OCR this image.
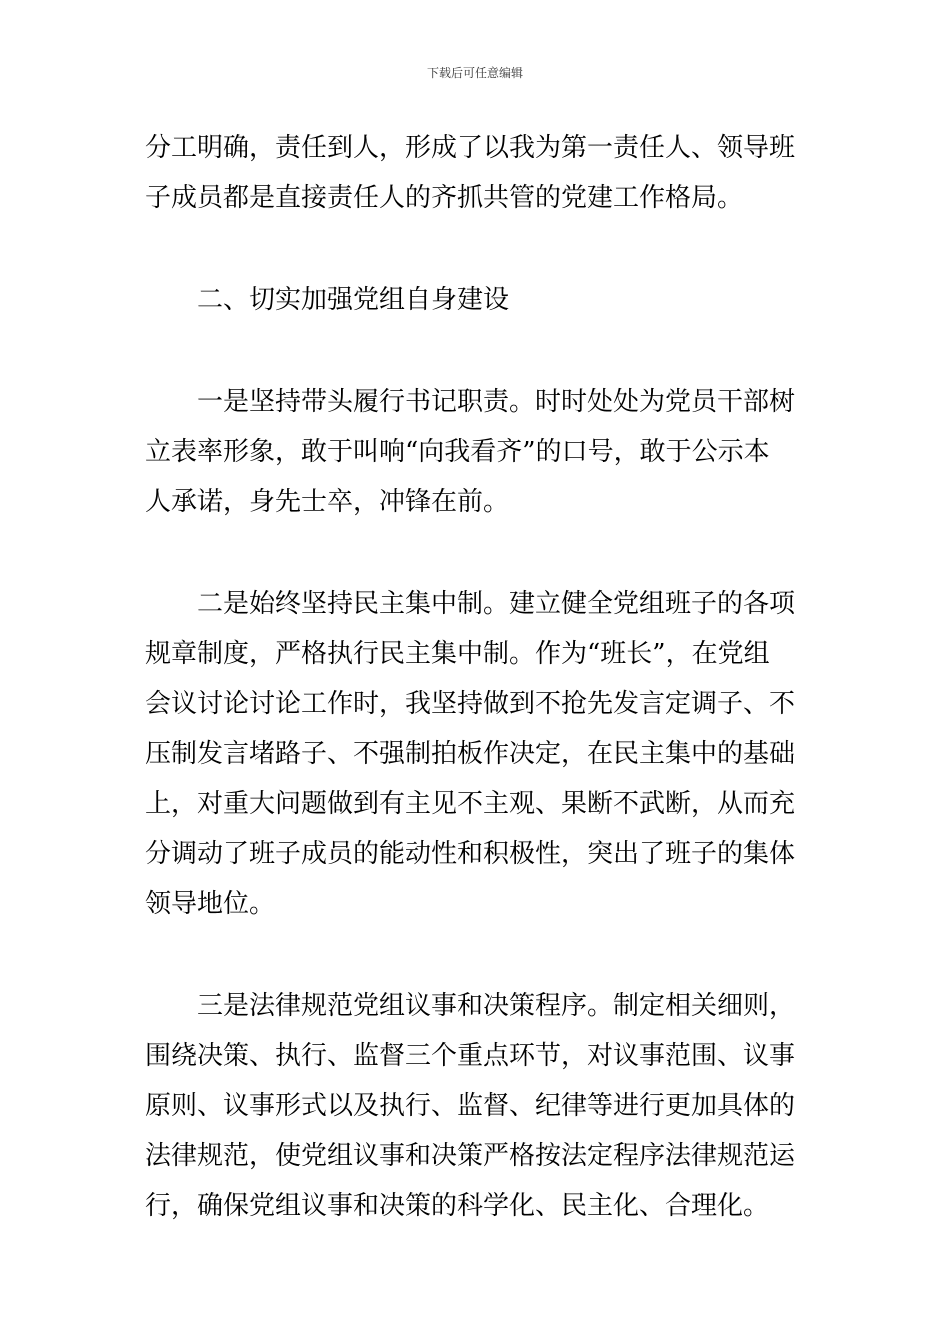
下载后可任意编辑

分工明确，责任到人，形成了以我为第一责任人、领导班
子成员都是直接责任人的齐抓共管的党建工作格局。

二、切实加强党组自身建设

一是坚持带头履行书记职责。时时处处为党员干部树
立表率形象，敢于叫响“向我看齐”的口号，敢于公示本
人承诺，身先士卒，冲锋在前。

二是始终坚持民主集中制。建立健全党组班子的各项
规章制度，严格执行民主集中制。作为“班长”，在党组
会议讨论讨论工作时，我坚持做到不抢先发言定调子、不
压制发言堵路子、不强制拍板作决定，在民主集中的基础
上，对重大问题做到有主见不主观、果断不武断，从而充
分调动了班子成员的能动性和积极性，突出了班子的集体
领导地位。

三是法律规范党组议事和决策程序。制定相关细则，
围绕决策、执行、监督三个重点环节，对议事范围、议事
原则、议事形式以及执行、监督、纪律等进行更加具体的
法律规范，使党组议事和决策严格按法定程序法律规范运
行，确保党组议事和决策的科学化、民主化、合理化。
